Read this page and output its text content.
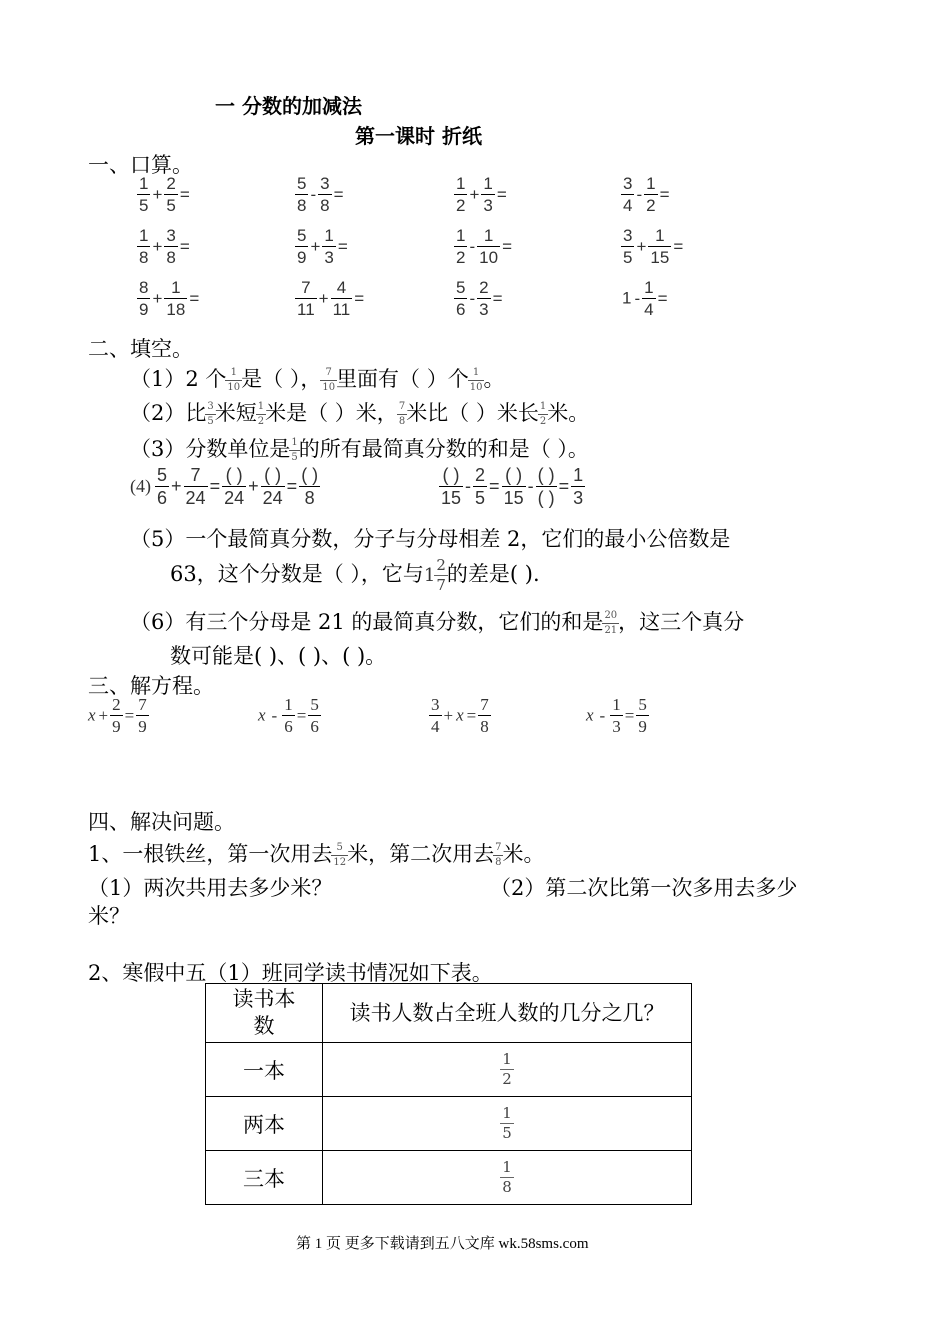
一 分数的加减法
第一课时 折纸
一、口算。
$\frac{1}{5} + \frac{2}{5}$ =	$\frac{5}{8} - \frac{3}{8}$ =	$\frac{1}{2} + \frac{1}{3}$ =	$\frac{3}{4} - \frac{1}{2}$ =
$\frac{1}{8} + \frac{3}{8}$ =	$\frac{5}{9} + \frac{1}{3}$ =	$\frac{1}{2} - \frac{1}{10}$ =	$\frac{3}{5} + \frac{1}{15}$ =
$\frac{8}{9} + \frac{1}{18}$ =	$\frac{7}{11} + \frac{4}{11}$ =	$\frac{5}{6} - \frac{2}{3}$ =	$1 - \frac{1}{4}$ =
二、填空。
（1）2 个 $\frac{1}{10}$ 是（ ）， $\frac{7}{10}$ 里面有（ ）个 $\frac{1}{10}$ 。
（2）比 $\frac{3}{5}$ 米短 $\frac{1}{2}$ 米是（ ）米， $\frac{7}{8}$ 米比（ ）米长 $\frac{1}{2}$ 米。
（3）分数单位是 $\frac{1}{5}$ 的所有最简真分数的和是（ ）。
$(4) \frac{5}{6} + \frac{7}{24}$ =
( )
24
+
( )
24
=
( )
8
( )
15
- $\frac{2}{5}$ =
( )
15
-
( )
( )
= $\frac{1}{3}$
（5）一个最简真分数，分子与分母相差 2，它们的最小公倍数是
63，这个分数是（ ），它与$1 \frac{2}{7}$ 的差是( ).
（6）有三个分母是 21 的最简真分数，它们的和是 $\frac{20}{21}$ ，这三个真分
数可能是( )、( )、( )。
三、解方程。
$x + \frac{2}{9} = \frac{7}{9}$	$x - \frac{1}{6} = \frac{5}{6}$	$\frac{3}{4} + x = \frac{7}{8}$	$x - \frac{1}{3} = \frac{5}{9}$
四、解决问题。
1、一根铁丝，第一次用去 $\frac{5}{12}$ 米，第二次用去 $\frac{7}{8}$ 米。
（1）两次共用去多少米？	（2）第二次比第一次多用去多少
米？
2、寒假中五（1）班同学读书情况如下表。
读书本数	读书人数占全班人数的几分之几？

一本	$\frac{1}{2}$

两本	$\frac{1}{5}$

三本	$\frac{1}{8}$
第 1 页 更多下载请到五八文库 wk.58sms.com
